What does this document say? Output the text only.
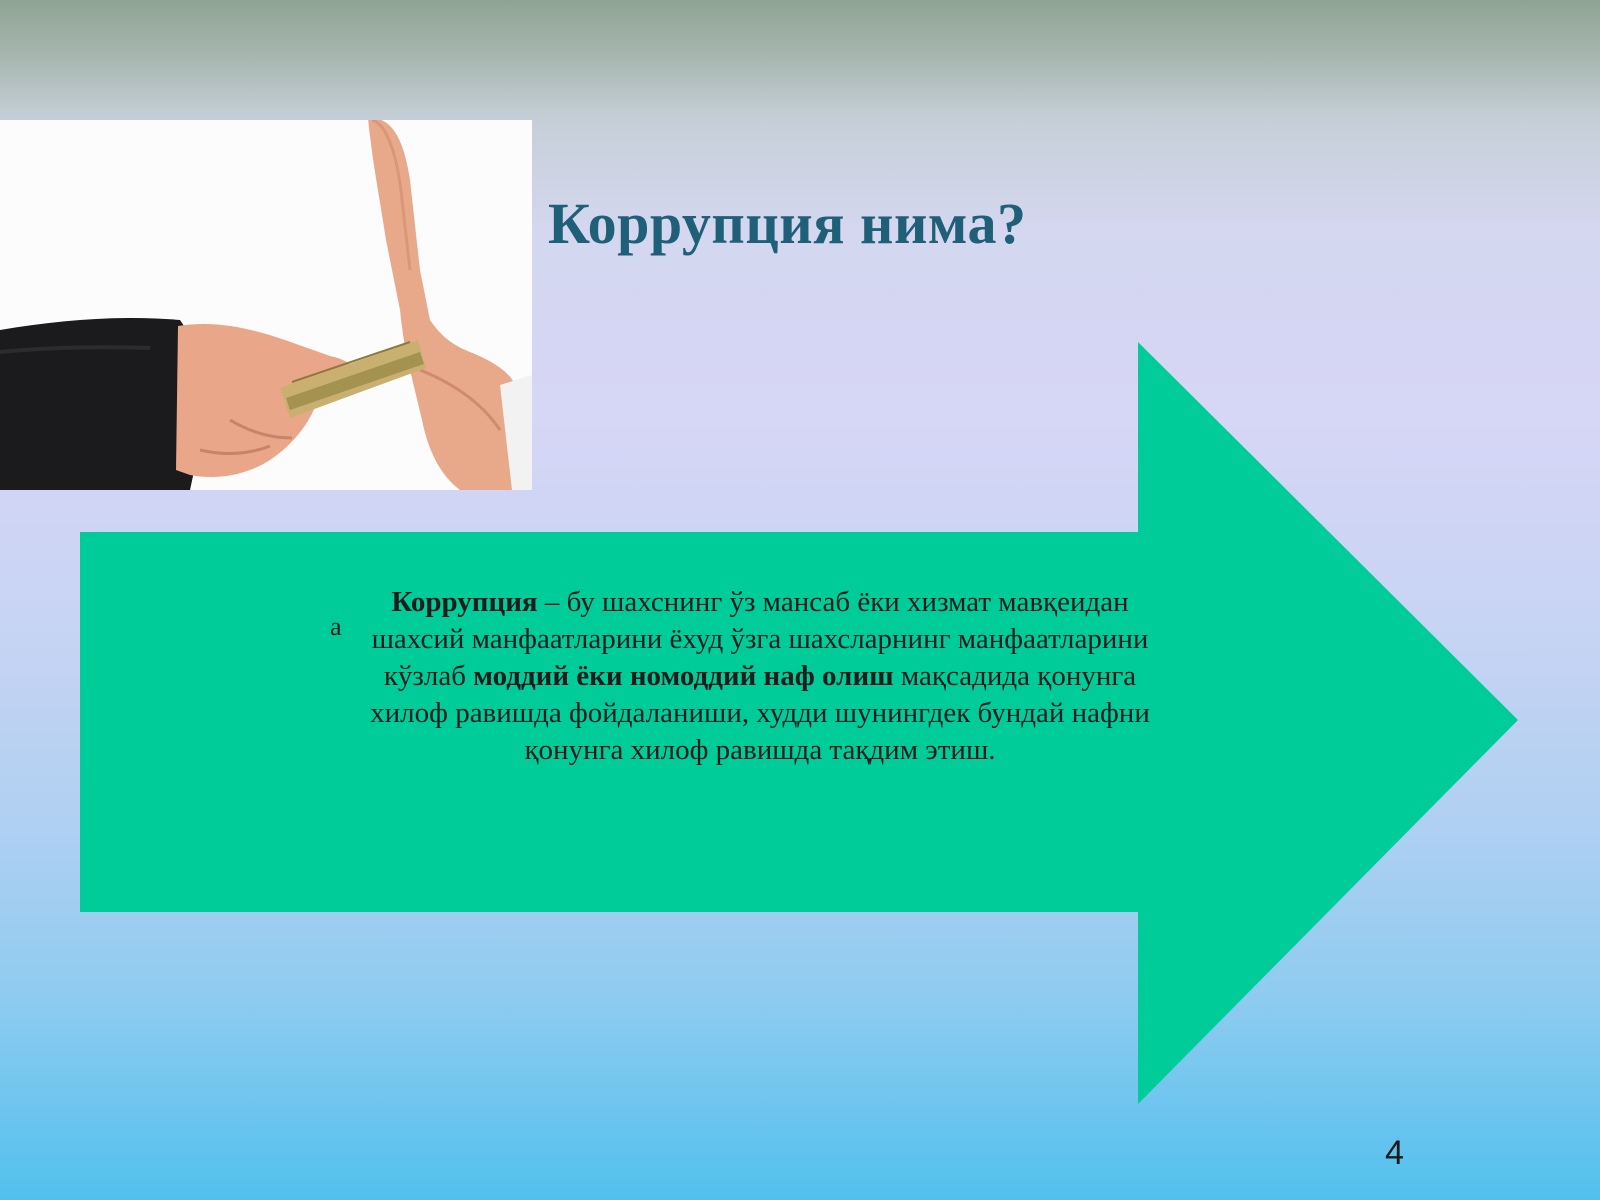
Коррупция нима?
а

Коррупция – бу шахснинг ўз мансаб ёки хизмат мавқеидан шахсий манфаатларини ёхуд ўзга шахсларнинг манфаатларини кўзлаб моддий ёки номоддий наф олиш мақсадида қонунга хилоф равишда фойдаланиши, худди шунингдек бундай нафни қонунга хилоф равишда тақдим этиш.

4
